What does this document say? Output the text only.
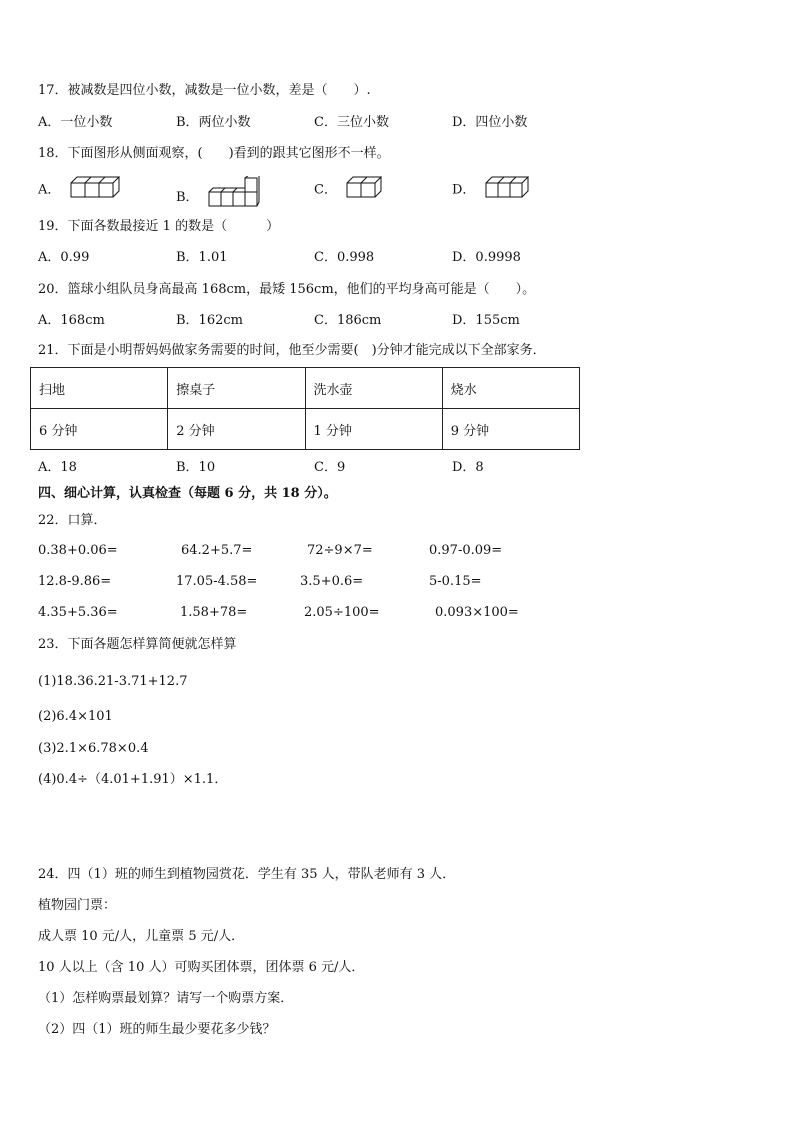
17．被减数是四位小数，减数是一位小数，差是（　　）.
A．一位小数	B．两位小数	C．三位小数	D．四位小数
18．下面图形从侧面观察，(　　)看到的跟其它图形不一样。
A．	B．	C．	D．
19．下面各数最接近 1 的数是（　　　）
A．0.99	B．1.01	C．0.998	D．0.9998
20．篮球小组队员身高最高 168cm，最矮 156cm，他们的平均身高可能是（　　）。
A．168cm	B．162cm	C．186cm	D．155cm
21．下面是小明帮妈妈做家务需要的时间，他至少需要(　)分钟才能完成以下全部家务．
扫地	擦桌子	洗水壶	烧水
6 分钟	2 分钟	1 分钟	9 分钟
A．18	B．10	C．9	D．8
四、细心计算，认真检查（每题 6 分，共 18 分）。
22．口算．
0.38+0.06=	64.2+5.7=	72÷9×7=	0.97-0.09=
12.8-9.86=	17.05-4.58=	3.5+0.6=	5-0.15=
4.35+5.36=	1.58+78=	2.05÷100=	0.093×100=
23．下面各题怎样算简便就怎样算
(1)18.36.21-3.71+12.7
(2)6.4×101
(3)2.1×6.78×0.4
(4)0.4÷（4.01+1.91）×1.1．
24．四（1）班的师生到植物园赏花．学生有 35 人，带队老师有 3 人．
植物园门票：
成人票 10 元/人，儿童票 5 元/人．
10 人以上（含 10 人）可购买团体票，团体票 6 元/人．
（1）怎样购票最划算？请写一个购票方案．
（2）四（1）班的师生最少要花多少钱？
